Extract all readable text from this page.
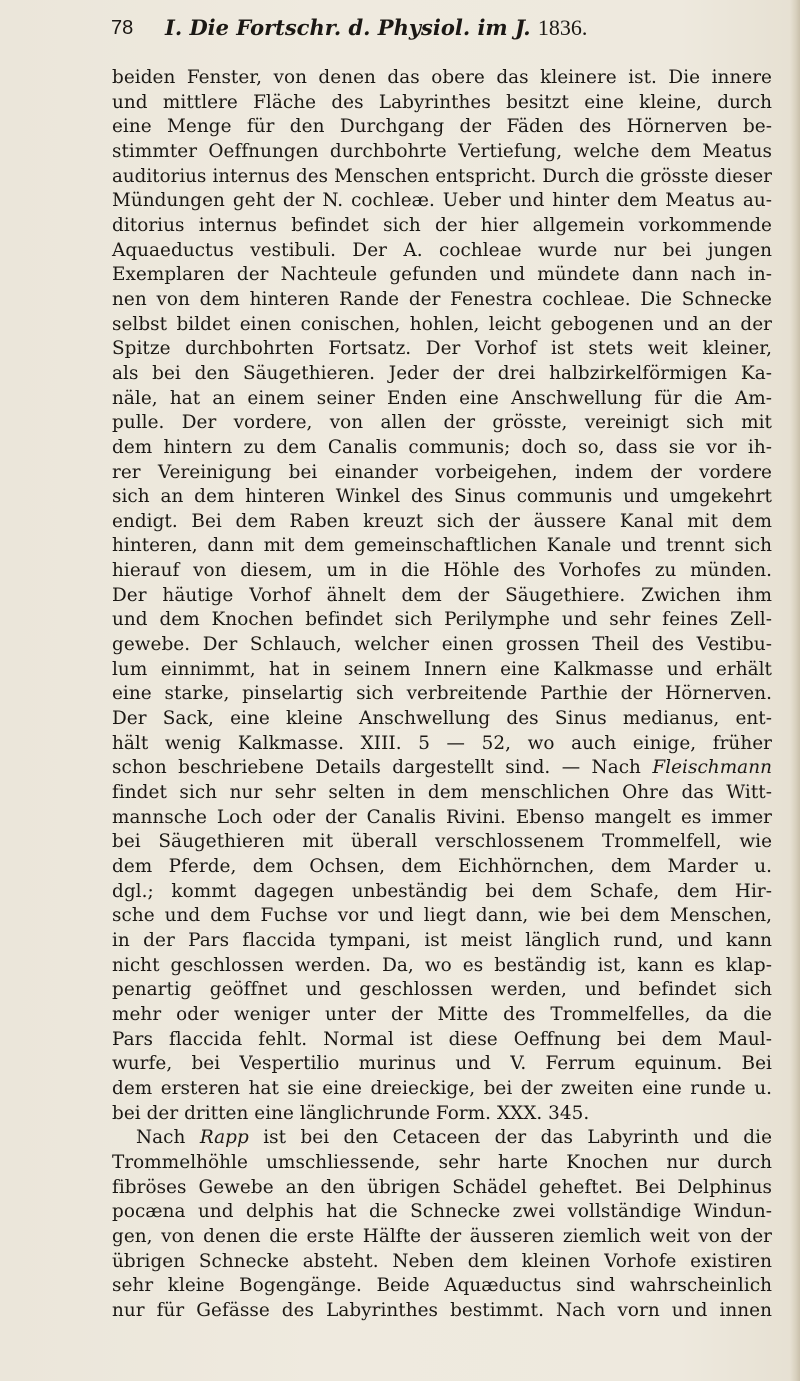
78 I. Die Fortschr. d. Physiol. im J. 1836.
beiden Fenster, von denen das obere das kleinere ist. Die innere
und mittlere Fläche des Labyrinthes besitzt eine kleine, durch
eine Menge für den Durchgang der Fäden des Hörnerven be-
stimmter Oeffnungen durchbohrte Vertiefung, welche dem Meatus
auditorius internus des Menschen entspricht. Durch die grösste dieser
Mündungen geht der N. cochleæ. Ueber und hinter dem Meatus au-
ditorius internus befindet sich der hier allgemein vorkommende
Aquaeductus vestibuli. Der A. cochleae wurde nur bei jungen
Exemplaren der Nachteule gefunden und mündete dann nach in-
nen von dem hinteren Rande der Fenestra cochleae. Die Schnecke
selbst bildet einen conischen, hohlen, leicht gebogenen und an der
Spitze durchbohrten Fortsatz. Der Vorhof ist stets weit kleiner,
als bei den Säugethieren. Jeder der drei halbzirkelförmigen Ka-
näle, hat an einem seiner Enden eine Anschwellung für die Am-
pulle. Der vordere, von allen der grösste, vereinigt sich mit
dem hintern zu dem Canalis communis; doch so, dass sie vor ih-
rer Vereinigung bei einander vorbeigehen, indem der vordere
sich an dem hinteren Winkel des Sinus communis und umgekehrt
endigt. Bei dem Raben kreuzt sich der äussere Kanal mit dem
hinteren, dann mit dem gemeinschaftlichen Kanale und trennt sich
hierauf von diesem, um in die Höhle des Vorhofes zu münden.
Der häutige Vorhof ähnelt dem der Säugethiere. Zwichen ihm
und dem Knochen befindet sich Perilymphe und sehr feines Zell-
gewebe. Der Schlauch, welcher einen grossen Theil des Vestibu-
lum einnimmt, hat in seinem Innern eine Kalkmasse und erhält
eine starke, pinselartig sich verbreitende Parthie der Hörnerven.
Der Sack, eine kleine Anschwellung des Sinus medianus, ent-
hält wenig Kalkmasse. XIII. 5 — 52, wo auch einige, früher
schon beschriebene Details dargestellt sind. — Nach Fleischmann
findet sich nur sehr selten in dem menschlichen Ohre das Witt-
mannsche Loch oder der Canalis Rivini. Ebenso mangelt es immer
bei Säugethieren mit überall verschlossenem Trommelfell, wie
dem Pferde, dem Ochsen, dem Eichhörnchen, dem Marder u.
dgl.; kommt dagegen unbeständig bei dem Schafe, dem Hir-
sche und dem Fuchse vor und liegt dann, wie bei dem Menschen,
in der Pars flaccida tympani, ist meist länglich rund, und kann
nicht geschlossen werden. Da, wo es beständig ist, kann es klap-
penartig geöffnet und geschlossen werden, und befindet sich
mehr oder weniger unter der Mitte des Trommelfelles, da die
Pars flaccida fehlt. Normal ist diese Oeffnung bei dem Maul-
wurfe, bei Vespertilio murinus und V. Ferrum equinum. Bei
dem ersteren hat sie eine dreieckige, bei der zweiten eine runde u.
bei der dritten eine länglichrunde Form. XXX. 345.
Nach Rapp ist bei den Cetaceen der das Labyrinth und die
Trommelhöhle umschliessende, sehr harte Knochen nur durch
fibröses Gewebe an den übrigen Schädel geheftet. Bei Delphinus
pocæna und delphis hat die Schnecke zwei vollständige Windun-
gen, von denen die erste Hälfte der äusseren ziemlich weit von der
übrigen Schnecke absteht. Neben dem kleinen Vorhofe existiren
sehr kleine Bogengänge. Beide Aquæductus sind wahrscheinlich
nur für Gefässe des Labyrinthes bestimmt. Nach vorn und innen
